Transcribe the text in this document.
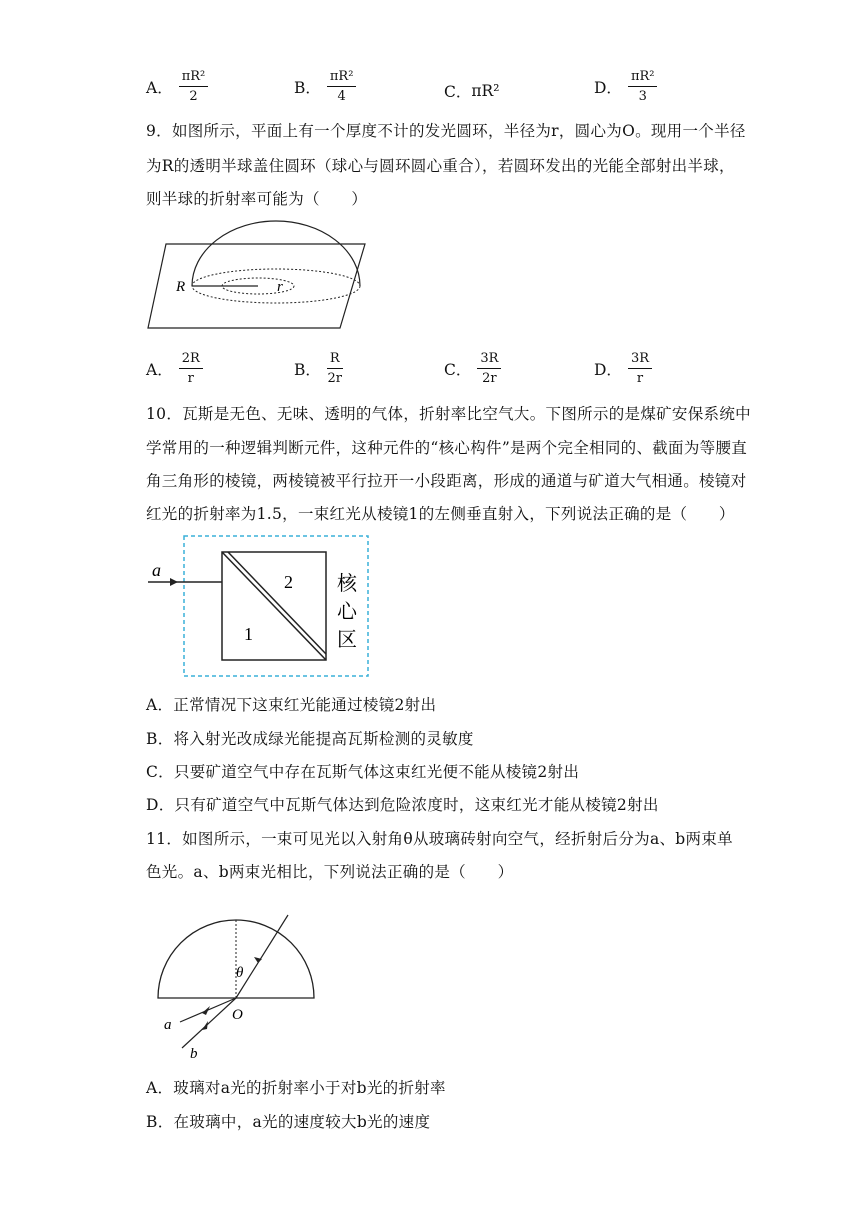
A． $\frac{\text{πR²}}{2}$	B． $\frac{\text{πR²}}{4}$	C． πR²	D． $\frac{\text{πR²}}{3}$
9．如图所示，平面上有一个厚度不计的发光圆环，半径为r，圆心为O。现用一个半径
为R的透明半球盖住圆环（球心与圆环圆心重合），若圆环发出的光能全部射出半球，
则半球的折射率可能为（　　）
R	r
A． $\frac{2R}{r}$	B． $\frac{R}{2r}$	C． $\frac{3R}{2r}$	D． $\frac{3R}{r}$
10．瓦斯是无色、无味、透明的气体，折射率比空气大。下图所示的是煤矿安保系统中
学常用的一种逻辑判断元件，这种元件的“核心构件”是两个完全相同的、截面为等腰直
角三角形的棱镜，两棱镜被平行拉开一小段距离，形成的通道与矿道大气相通。棱镜对
红光的折射率为1.5，一束红光从棱镜1的左侧垂直射入，下列说法正确的是（　　）
a
2
1
核
心
区
A．正常情况下这束红光能通过棱镜2射出
B．将入射光改成绿光能提高瓦斯检测的灵敏度
C．只要矿道空气中存在瓦斯气体这束红光便不能从棱镜2射出
D．只有矿道空气中瓦斯气体达到危险浓度时，这束红光才能从棱镜2射出
11．如图所示，一束可见光以入射角θ从玻璃砖射向空气，经折射后分为a、b两束单
色光。a、b两束光相比，下列说法正确的是（　　）
θ
O
a
b
A．玻璃对a光的折射率小于对b光的折射率
B．在玻璃中，a光的速度较大b光的速度
